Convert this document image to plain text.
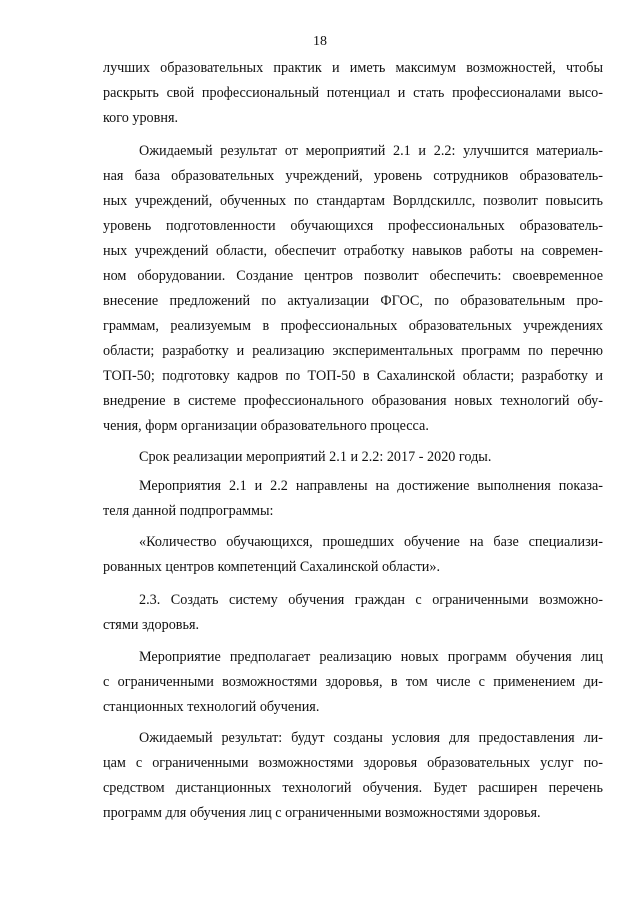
18
лучших образовательных практик и иметь максимум возможностей, чтобы
раскрыть свой профессиональный потенциал и стать профессионалами высо-
кого уровня.
Ожидаемый результат от мероприятий 2.1 и 2.2: улучшится материаль-
ная база образовательных учреждений, уровень сотрудников образователь-
ных учреждений, обученных по стандартам Ворлдскиллс, позволит повысить
уровень подготовленности обучающихся профессиональных образователь-
ных учреждений области, обеспечит отработку навыков работы на современ-
ном оборудовании. Создание центров позволит обеспечить: своевременное
внесение предложений по актуализации ФГОС, по образовательным про-
граммам, реализуемым в профессиональных образовательных учреждениях
области; разработку и реализацию экспериментальных программ по перечню
ТОП-50; подготовку кадров по ТОП-50 в Сахалинской области; разработку и
внедрение в системе профессионального образования новых технологий обу-
чения, форм организации образовательного процесса.
Срок реализации мероприятий 2.1 и 2.2: 2017 - 2020 годы.
Мероприятия 2.1 и 2.2 направлены на достижение выполнения показа-
теля данной подпрограммы:
«Количество обучающихся, прошедших обучение на базе специализи-
рованных центров компетенций Сахалинской области».
2.3. Создать систему обучения граждан с ограниченными возможно-
стями здоровья.
Мероприятие предполагает реализацию новых программ обучения лиц
с ограниченными возможностями здоровья, в том числе с применением ди-
станционных технологий обучения.
Ожидаемый результат: будут созданы условия для предоставления ли-
цам с ограниченными возможностями здоровья образовательных услуг по-
средством дистанционных технологий обучения. Будет расширен перечень
программ для обучения лиц с ограниченными возможностями здоровья.
